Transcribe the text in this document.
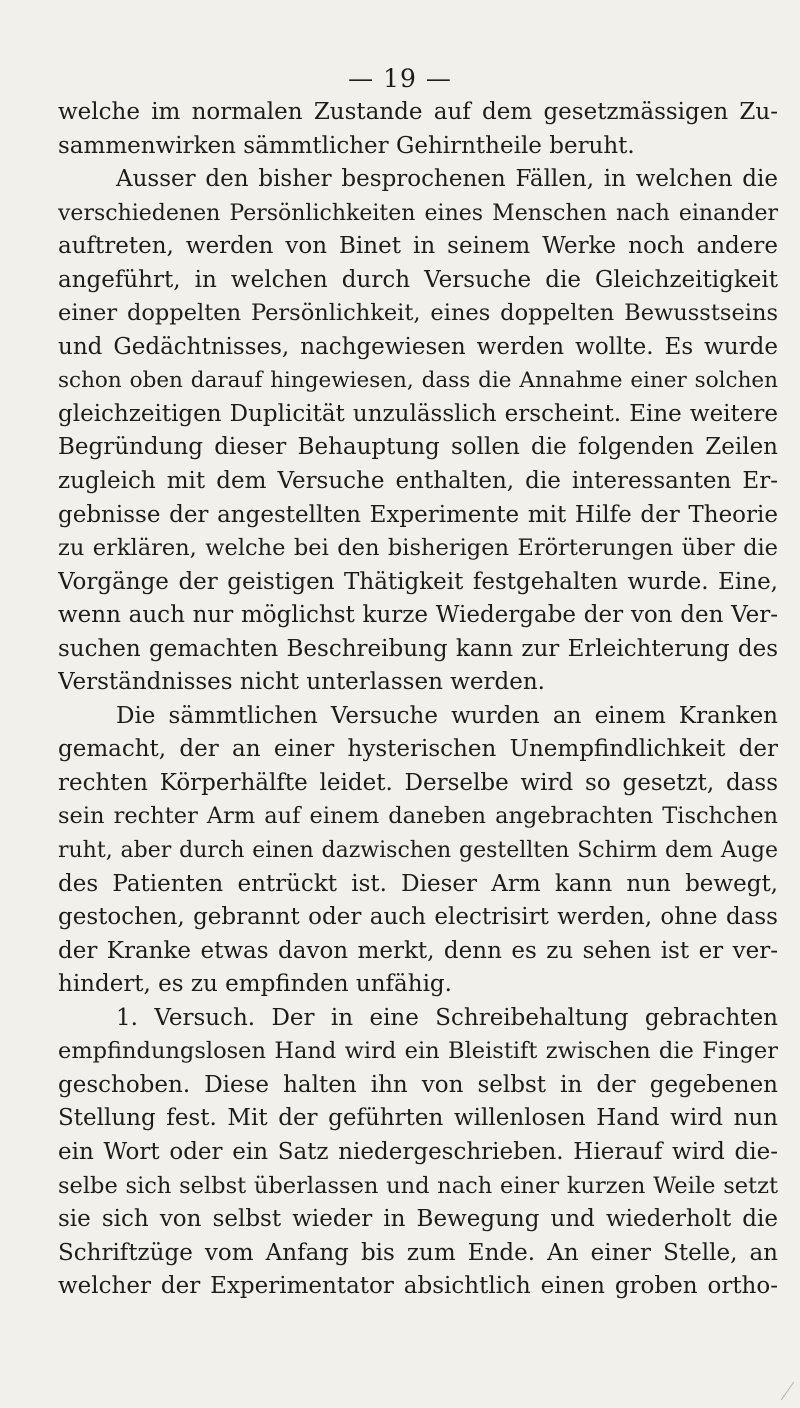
— 19 —
welche im normalen Zustande auf dem gesetzmässigen Zu-
sammenwirken sämmtlicher Gehirntheile beruht.
Ausser den bisher besprochenen Fällen, in welchen die
verschiedenen Persönlichkeiten eines Menschen nach einander
auftreten, werden von Binet in seinem Werke noch andere
angeführt, in welchen durch Versuche die Gleichzeitigkeit
einer doppelten Persönlichkeit, eines doppelten Bewusstseins
und Gedächtnisses, nachgewiesen werden wollte. Es wurde
schon oben darauf hingewiesen, dass die Annahme einer solchen
gleichzeitigen Duplicität unzulässlich erscheint. Eine weitere
Begründung dieser Behauptung sollen die folgenden Zeilen
zugleich mit dem Versuche enthalten, die interessanten Er-
gebnisse der angestellten Experimente mit Hilfe der Theorie
zu erklären, welche bei den bisherigen Erörterungen über die
Vorgänge der geistigen Thätigkeit festgehalten wurde. Eine,
wenn auch nur möglichst kurze Wiedergabe der von den Ver-
suchen gemachten Beschreibung kann zur Erleichterung des
Verständnisses nicht unterlassen werden.
Die sämmtlichen Versuche wurden an einem Kranken
gemacht, der an einer hysterischen Unempfindlichkeit der
rechten Körperhälfte leidet. Derselbe wird so gesetzt, dass
sein rechter Arm auf einem daneben angebrachten Tischchen
ruht, aber durch einen dazwischen gestellten Schirm dem Auge
des Patienten entrückt ist. Dieser Arm kann nun bewegt,
gestochen, gebrannt oder auch electrisirt werden, ohne dass
der Kranke etwas davon merkt, denn es zu sehen ist er ver-
hindert, es zu empfinden unfähig.
1. Versuch. Der in eine Schreibehaltung gebrachten
empfindungslosen Hand wird ein Bleistift zwischen die Finger
geschoben. Diese halten ihn von selbst in der gegebenen
Stellung fest. Mit der geführten willenlosen Hand wird nun
ein Wort oder ein Satz niedergeschrieben. Hierauf wird die-
selbe sich selbst überlassen und nach einer kurzen Weile setzt
sie sich von selbst wieder in Bewegung und wiederholt die
Schriftzüge vom Anfang bis zum Ende. An einer Stelle, an
welcher der Experimentator absichtlich einen groben ortho-
